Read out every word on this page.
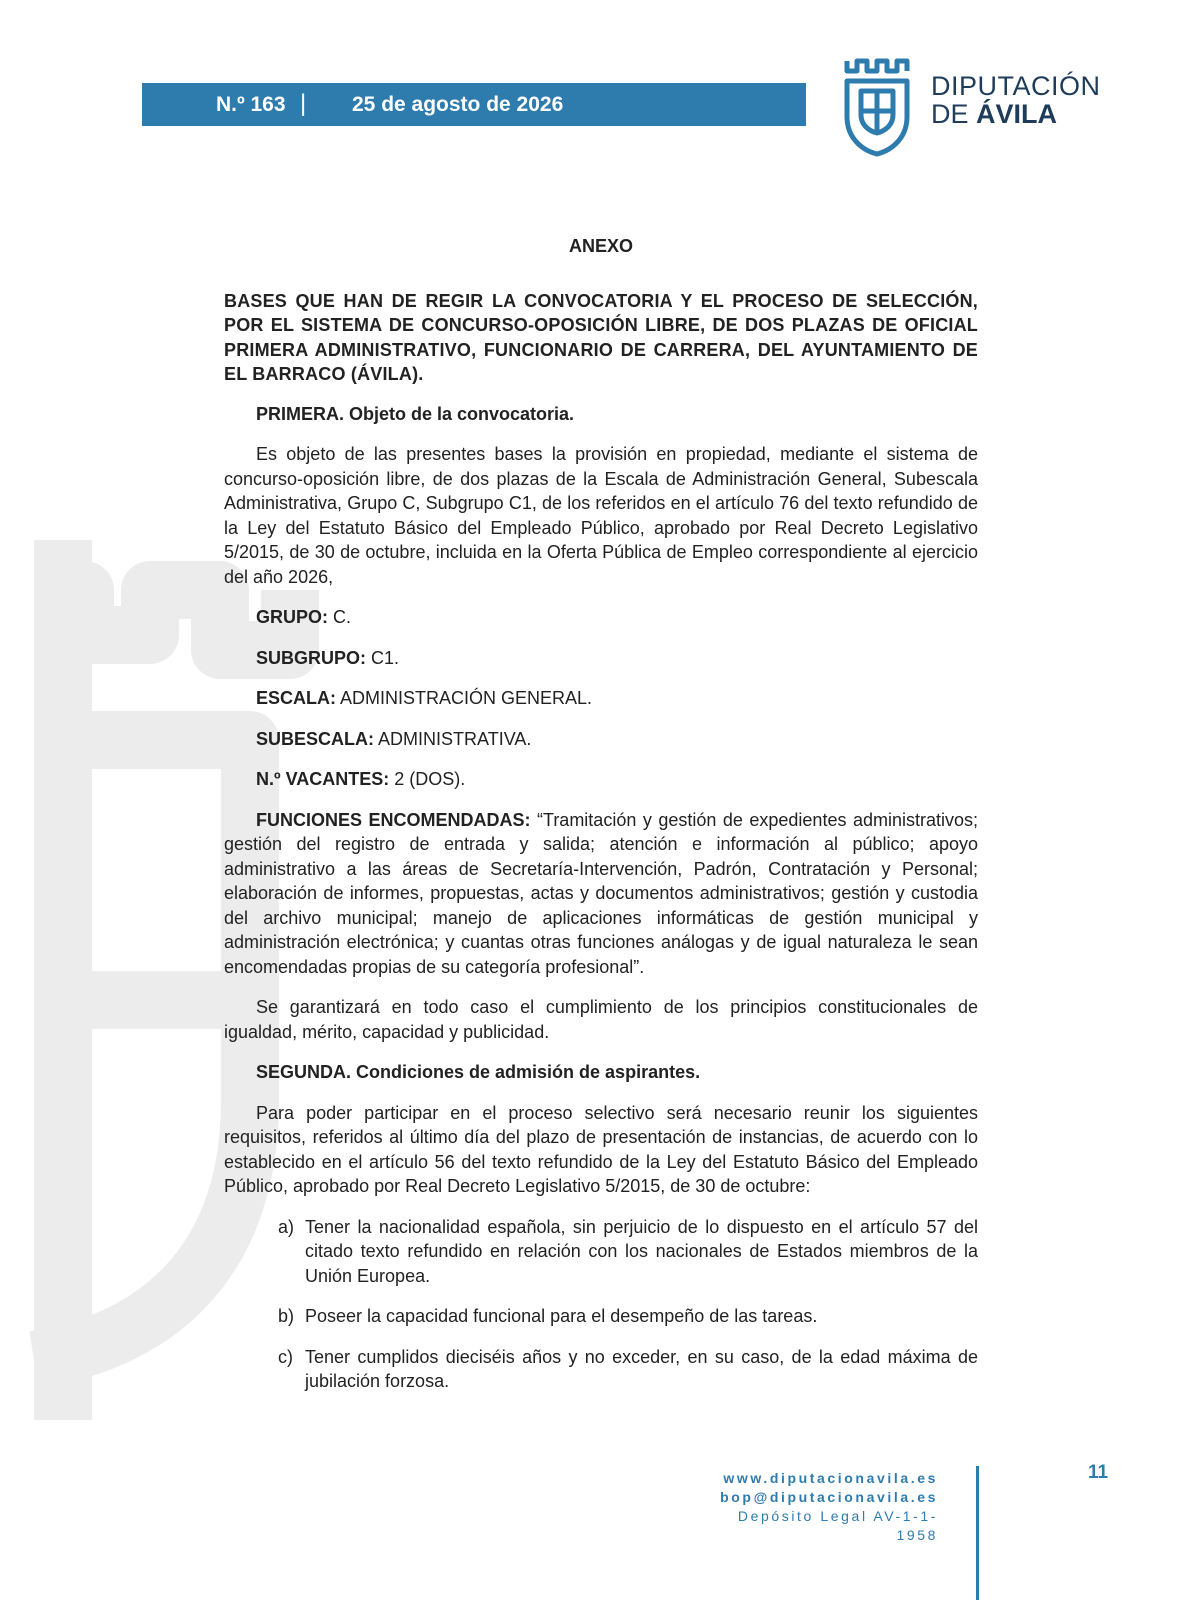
N.º 163 | 25 de agosto de 2026
DIPUTACIÓN
DE ÁVILA
ANEXO
BASES QUE HAN DE REGIR LA CONVOCATORIA Y EL PROCESO DE SELECCIÓN, POR EL SISTEMA DE CONCURSO-OPOSICIÓN LIBRE, DE DOS PLAZAS DE OFICIAL PRIMERA ADMINISTRATIVO, FUNCIONARIO DE CARRERA, DEL AYUNTAMIENTO DE EL BARRACO (ÁVILA).

PRIMERA. Objeto de la convocatoria.

Es objeto de las presentes bases la provisión en propiedad, mediante el sistema de concurso-oposición libre, de dos plazas de la Escala de Administración General, Subescala Administrativa, Grupo C, Subgrupo C1, de los referidos en el artículo 76 del texto refundido de la Ley del Estatuto Básico del Empleado Público, aprobado por Real Decreto Legislativo 5/2015, de 30 de octubre, incluida en la Oferta Pública de Empleo correspondiente al ejercicio del año 2026,

GRUPO: C.

SUBGRUPO: C1.

ESCALA: ADMINISTRACIÓN GENERAL.

SUBESCALA: ADMINISTRATIVA.

N.º VACANTES: 2 (DOS).

FUNCIONES ENCOMENDADAS: “Tramitación y gestión de expedientes administrativos; gestión del registro de entrada y salida; atención e información al público; apoyo administrativo a las áreas de Secretaría-Intervención, Padrón, Contratación y Personal; elaboración de informes, propuestas, actas y documentos administrativos; gestión y custodia del archivo municipal; manejo de aplicaciones informáticas de gestión municipal y administración electrónica; y cuantas otras funciones análogas y de igual naturaleza le sean encomendadas propias de su categoría profesional”.

Se garantizará en todo caso el cumplimiento de los principios constitucionales de igualdad, mérito, capacidad y publicidad.

SEGUNDA. Condiciones de admisión de aspirantes.

Para poder participar en el proceso selectivo será necesario reunir los siguientes requisitos, referidos al último día del plazo de presentación de instancias, de acuerdo con lo establecido en el artículo 56 del texto refundido de la Ley del Estatuto Básico del Empleado Público, aprobado por Real Decreto Legislativo 5/2015, de 30 de octubre:

a) Tener la nacionalidad española, sin perjuicio de lo dispuesto en el artículo 57 del citado texto refundido en relación con los nacionales de Estados miembros de la Unión Europea.
b) Poseer la capacidad funcional para el desempeño de las tareas.
c) Tener cumplidos dieciséis años y no exceder, en su caso, de la edad máxima de jubilación forzosa.
www.diputacionavila.es
bop@diputacionavila.es
Depósito Legal AV-1-1-1958
11
